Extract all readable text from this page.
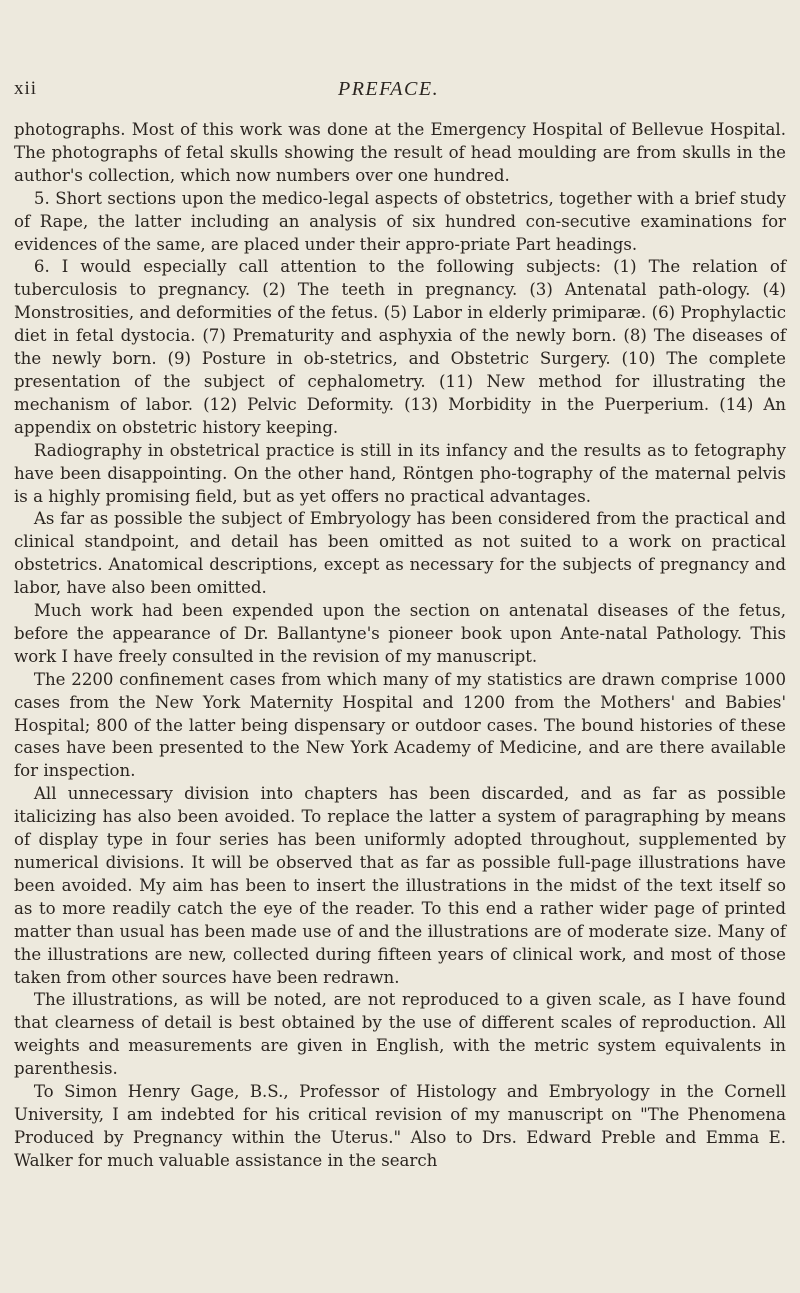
xii	PREFACE.

photographs. Most of this work was done at the Emergency Hospital of Bellevue Hospital. The photographs of fetal skulls showing the result of head moulding are from skulls in the author's collection, which now numbers over one hundred.

5. Short sections upon the medico-legal aspects of obstetrics, together with a brief study of Rape, the latter including an analysis of six hundred con-secutive examinations for evidences of the same, are placed under their appro-priate Part headings.

6. I would especially call attention to the following subjects: (1) The relation of tuberculosis to pregnancy. (2) The teeth in pregnancy. (3) Antenatal path-ology. (4) Monstrosities, and deformities of the fetus. (5) Labor in elderly primiparæ. (6) Prophylactic diet in fetal dystocia. (7) Prematurity and asphyxia of the newly born. (8) The diseases of the newly born. (9) Posture in ob-stetrics, and Obstetric Surgery. (10) The complete presentation of the subject of cephalometry. (11) New method for illustrating the mechanism of labor. (12) Pelvic Deformity. (13) Morbidity in the Puerperium. (14) An appendix on obstetric history keeping.

Radiography in obstetrical practice is still in its infancy and the results as to fetography have been disappointing. On the other hand, Röntgen pho-tography of the maternal pelvis is a highly promising field, but as yet offers no practical advantages.

As far as possible the subject of Embryology has been considered from the practical and clinical standpoint, and detail has been omitted as not suited to a work on practical obstetrics. Anatomical descriptions, except as necessary for the subjects of pregnancy and labor, have also been omitted.

Much work had been expended upon the section on antenatal diseases of the fetus, before the appearance of Dr. Ballantyne's pioneer book upon Ante-natal Pathology. This work I have freely consulted in the revision of my manuscript.

The 2200 confinement cases from which many of my statistics are drawn comprise 1000 cases from the New York Maternity Hospital and 1200 from the Mothers' and Babies' Hospital; 800 of the latter being dispensary or outdoor cases. The bound histories of these cases have been presented to the New York Academy of Medicine, and are there available for inspection.

All unnecessary division into chapters has been discarded, and as far as possible italicizing has also been avoided. To replace the latter a system of paragraphing by means of display type in four series has been uniformly adopted throughout, supplemented by numerical divisions. It will be observed that as far as possible full-page illustrations have been avoided. My aim has been to insert the illustrations in the midst of the text itself so as to more readily catch the eye of the reader. To this end a rather wider page of printed matter than usual has been made use of and the illustrations are of moderate size. Many of the illustrations are new, collected during fifteen years of clinical work, and most of those taken from other sources have been redrawn.

The illustrations, as will be noted, are not reproduced to a given scale, as I have found that clearness of detail is best obtained by the use of different scales of reproduction. All weights and measurements are given in English, with the metric system equivalents in parenthesis.

To Simon Henry Gage, B.S., Professor of Histology and Embryology in the Cornell University, I am indebted for his critical revision of my manuscript on "The Phenomena Produced by Pregnancy within the Uterus." Also to Drs. Edward Preble and Emma E. Walker for much valuable assistance in the search
